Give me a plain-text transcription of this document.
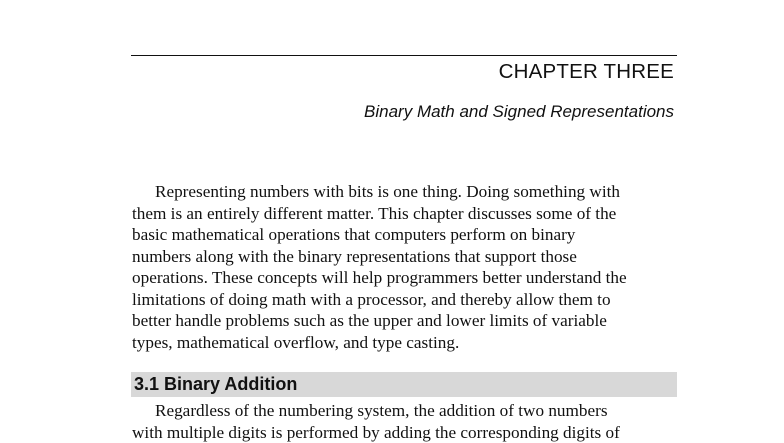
CHAPTER THREE
Binary Math and Signed Representations
Representing numbers with bits is one thing. Doing something with
them is an entirely different matter. This chapter discusses some of the
basic mathematical operations that computers perform on binary
numbers along with the binary representations that support those
operations. These concepts will help programmers better understand the
limitations of doing math with a processor, and thereby allow them to
better handle problems such as the upper and lower limits of variable
types, mathematical overflow, and type casting.
3.1 Binary Addition
Regardless of the numbering system, the addition of two numbers
with multiple digits is performed by adding the corresponding digits of
